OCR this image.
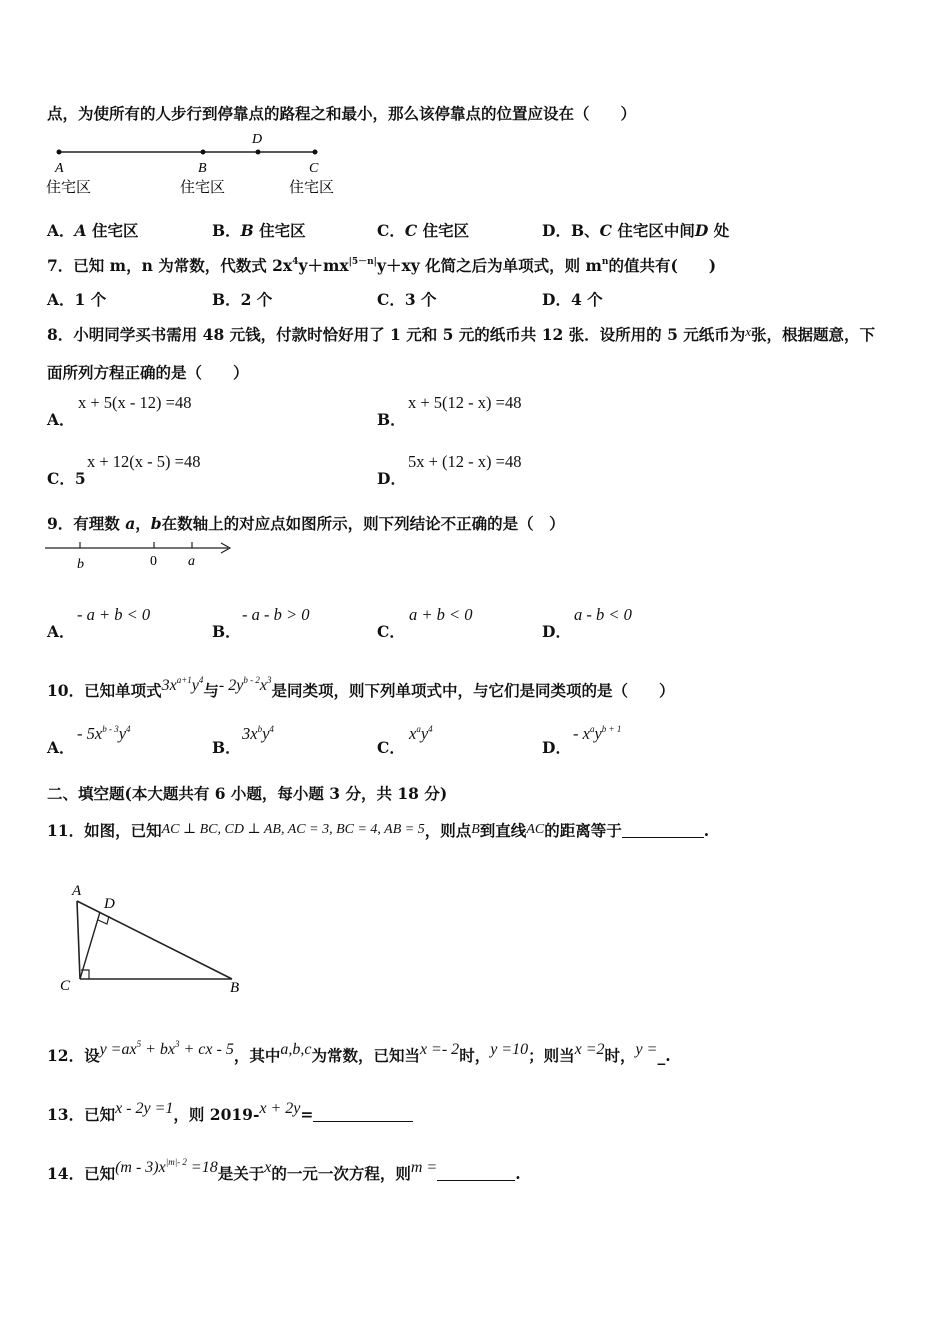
点，为使所有的人步行到停靠点的路程之和最小，那么该停靠点的位置应设在（　　）
A	B
D
C
住宅区	住宅区	住宅区
A．A 住宅区	B．B 住宅区	C．C 住宅区	D．B、C 住宅区中间D 处
7．已知 m，n 为常数，代数式 $2x^4y+mx^{|5-n|}y+xy$ 化简之后为单项式，则 $m^n$的值共有(　　)
A．1 个	B．2 个	C．3 个	D．4 个
8．小明同学买书需用 48 元钱，付款时恰好用了 1 元和 5 元的纸币共 12 张．设所用的 5 元纸币为$^x$张，根据题意，下
面所列方程正确的是（　　）
A．
x + 5(x - 12) =48
B．
x + 5(12 - x) =48
C．5
x + 12(x - 5) =48
D．
5x + (12 - x) =48
9．有理数 a，b在数轴上的对应点如图所示，则下列结论不正确的是（　）
b	0 a
A．
- a + b < 0
B．
- a - b > 0
C．
a + b < 0
D．
a - b < 0
10．已知单项式$3x^{a+1}y^4$与- $2y^{b - 2}x^3$是同类项，则下列单项式中，与它们是同类项的是（　　）
A．
- $5x^{b - 3}y^4$
B．
$3x^by^4$
C．
$x^ay^4$
D．
- $x^ay^{b + 1}$
二、填空题(本大题共有 6 小题，每小题 3 分，共 18 分)
11．如图，已知AC ⊥ BC, CD ⊥ AB, AC = 3, BC = 4, AB = 5，则点B到直线AC的距离等于	.
A
D
C	B
12．设$y =ax^5 + bx^3$ + cx - 5，其中a,b,c为常数，已知当x =- 2时，y =10；则当x =2时，y =_.
13．已知x - 2y =1，则 2019-x + 2y=
14．已知$(m - 3)x^{|m|- 2} =18$是关于x的一元一次方程，则m =	.
